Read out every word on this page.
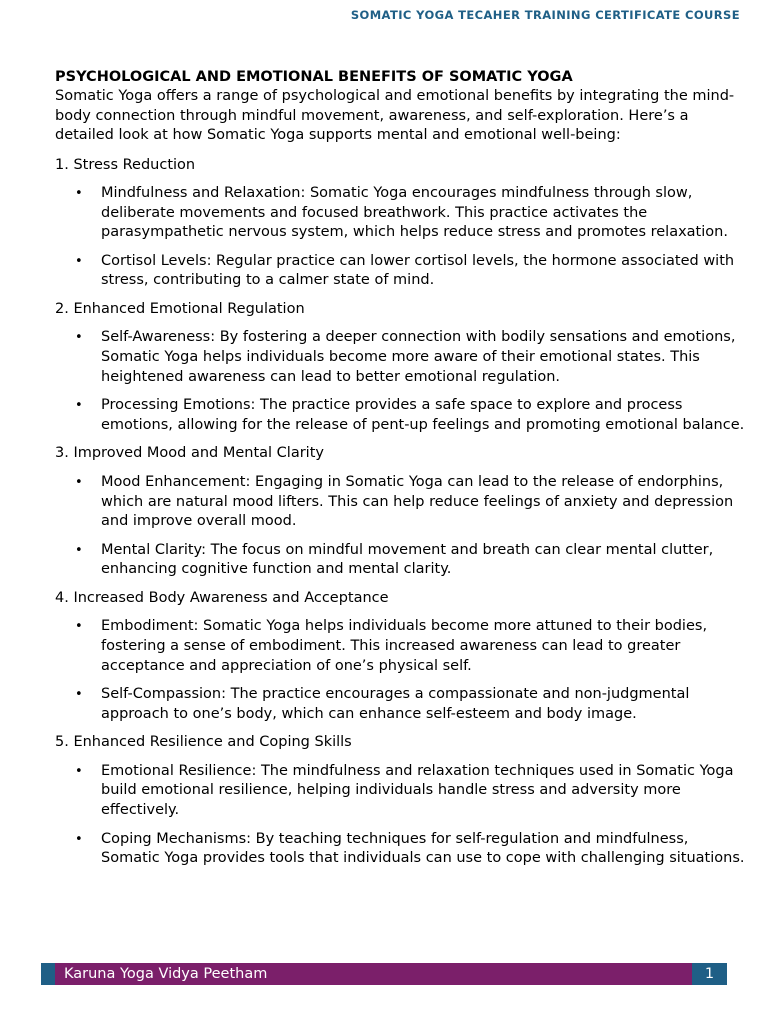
SOMATIC YOGA TECAHER TRAINING CERTIFICATE COURSE

PSYCHOLOGICAL AND EMOTIONAL BENEFITS OF SOMATIC YOGA

Somatic Yoga offers a range of psychological and emotional benefits by integrating the mind-body connection through mindful movement, awareness, and self-exploration. Here’s a detailed look at how Somatic Yoga supports mental and emotional well-being:

1. Stress Reduction

• Mindfulness and Relaxation: Somatic Yoga encourages mindfulness through slow, deliberate movements and focused breathwork. This practice activates the parasympathetic nervous system, which helps reduce stress and promotes relaxation.
• Cortisol Levels: Regular practice can lower cortisol levels, the hormone associated with stress, contributing to a calmer state of mind.

2. Enhanced Emotional Regulation

• Self-Awareness: By fostering a deeper connection with bodily sensations and emotions, Somatic Yoga helps individuals become more aware of their emotional states. This heightened awareness can lead to better emotional regulation.
• Processing Emotions: The practice provides a safe space to explore and process emotions, allowing for the release of pent-up feelings and promoting emotional balance.

3. Improved Mood and Mental Clarity

• Mood Enhancement: Engaging in Somatic Yoga can lead to the release of endorphins, which are natural mood lifters. This can help reduce feelings of anxiety and depression and improve overall mood.
• Mental Clarity: The focus on mindful movement and breath can clear mental clutter, enhancing cognitive function and mental clarity.

4. Increased Body Awareness and Acceptance

• Embodiment: Somatic Yoga helps individuals become more attuned to their bodies, fostering a sense of embodiment. This increased awareness can lead to greater acceptance and appreciation of one’s physical self.
• Self-Compassion: The practice encourages a compassionate and non-judgmental approach to one’s body, which can enhance self-esteem and body image.

5. Enhanced Resilience and Coping Skills

• Emotional Resilience: The mindfulness and relaxation techniques used in Somatic Yoga build emotional resilience, helping individuals handle stress and adversity more effectively.
• Coping Mechanisms: By teaching techniques for self-regulation and mindfulness, Somatic Yoga provides tools that individuals can use to cope with challenging situations.
Karuna Yoga Vidya Peetham	1
